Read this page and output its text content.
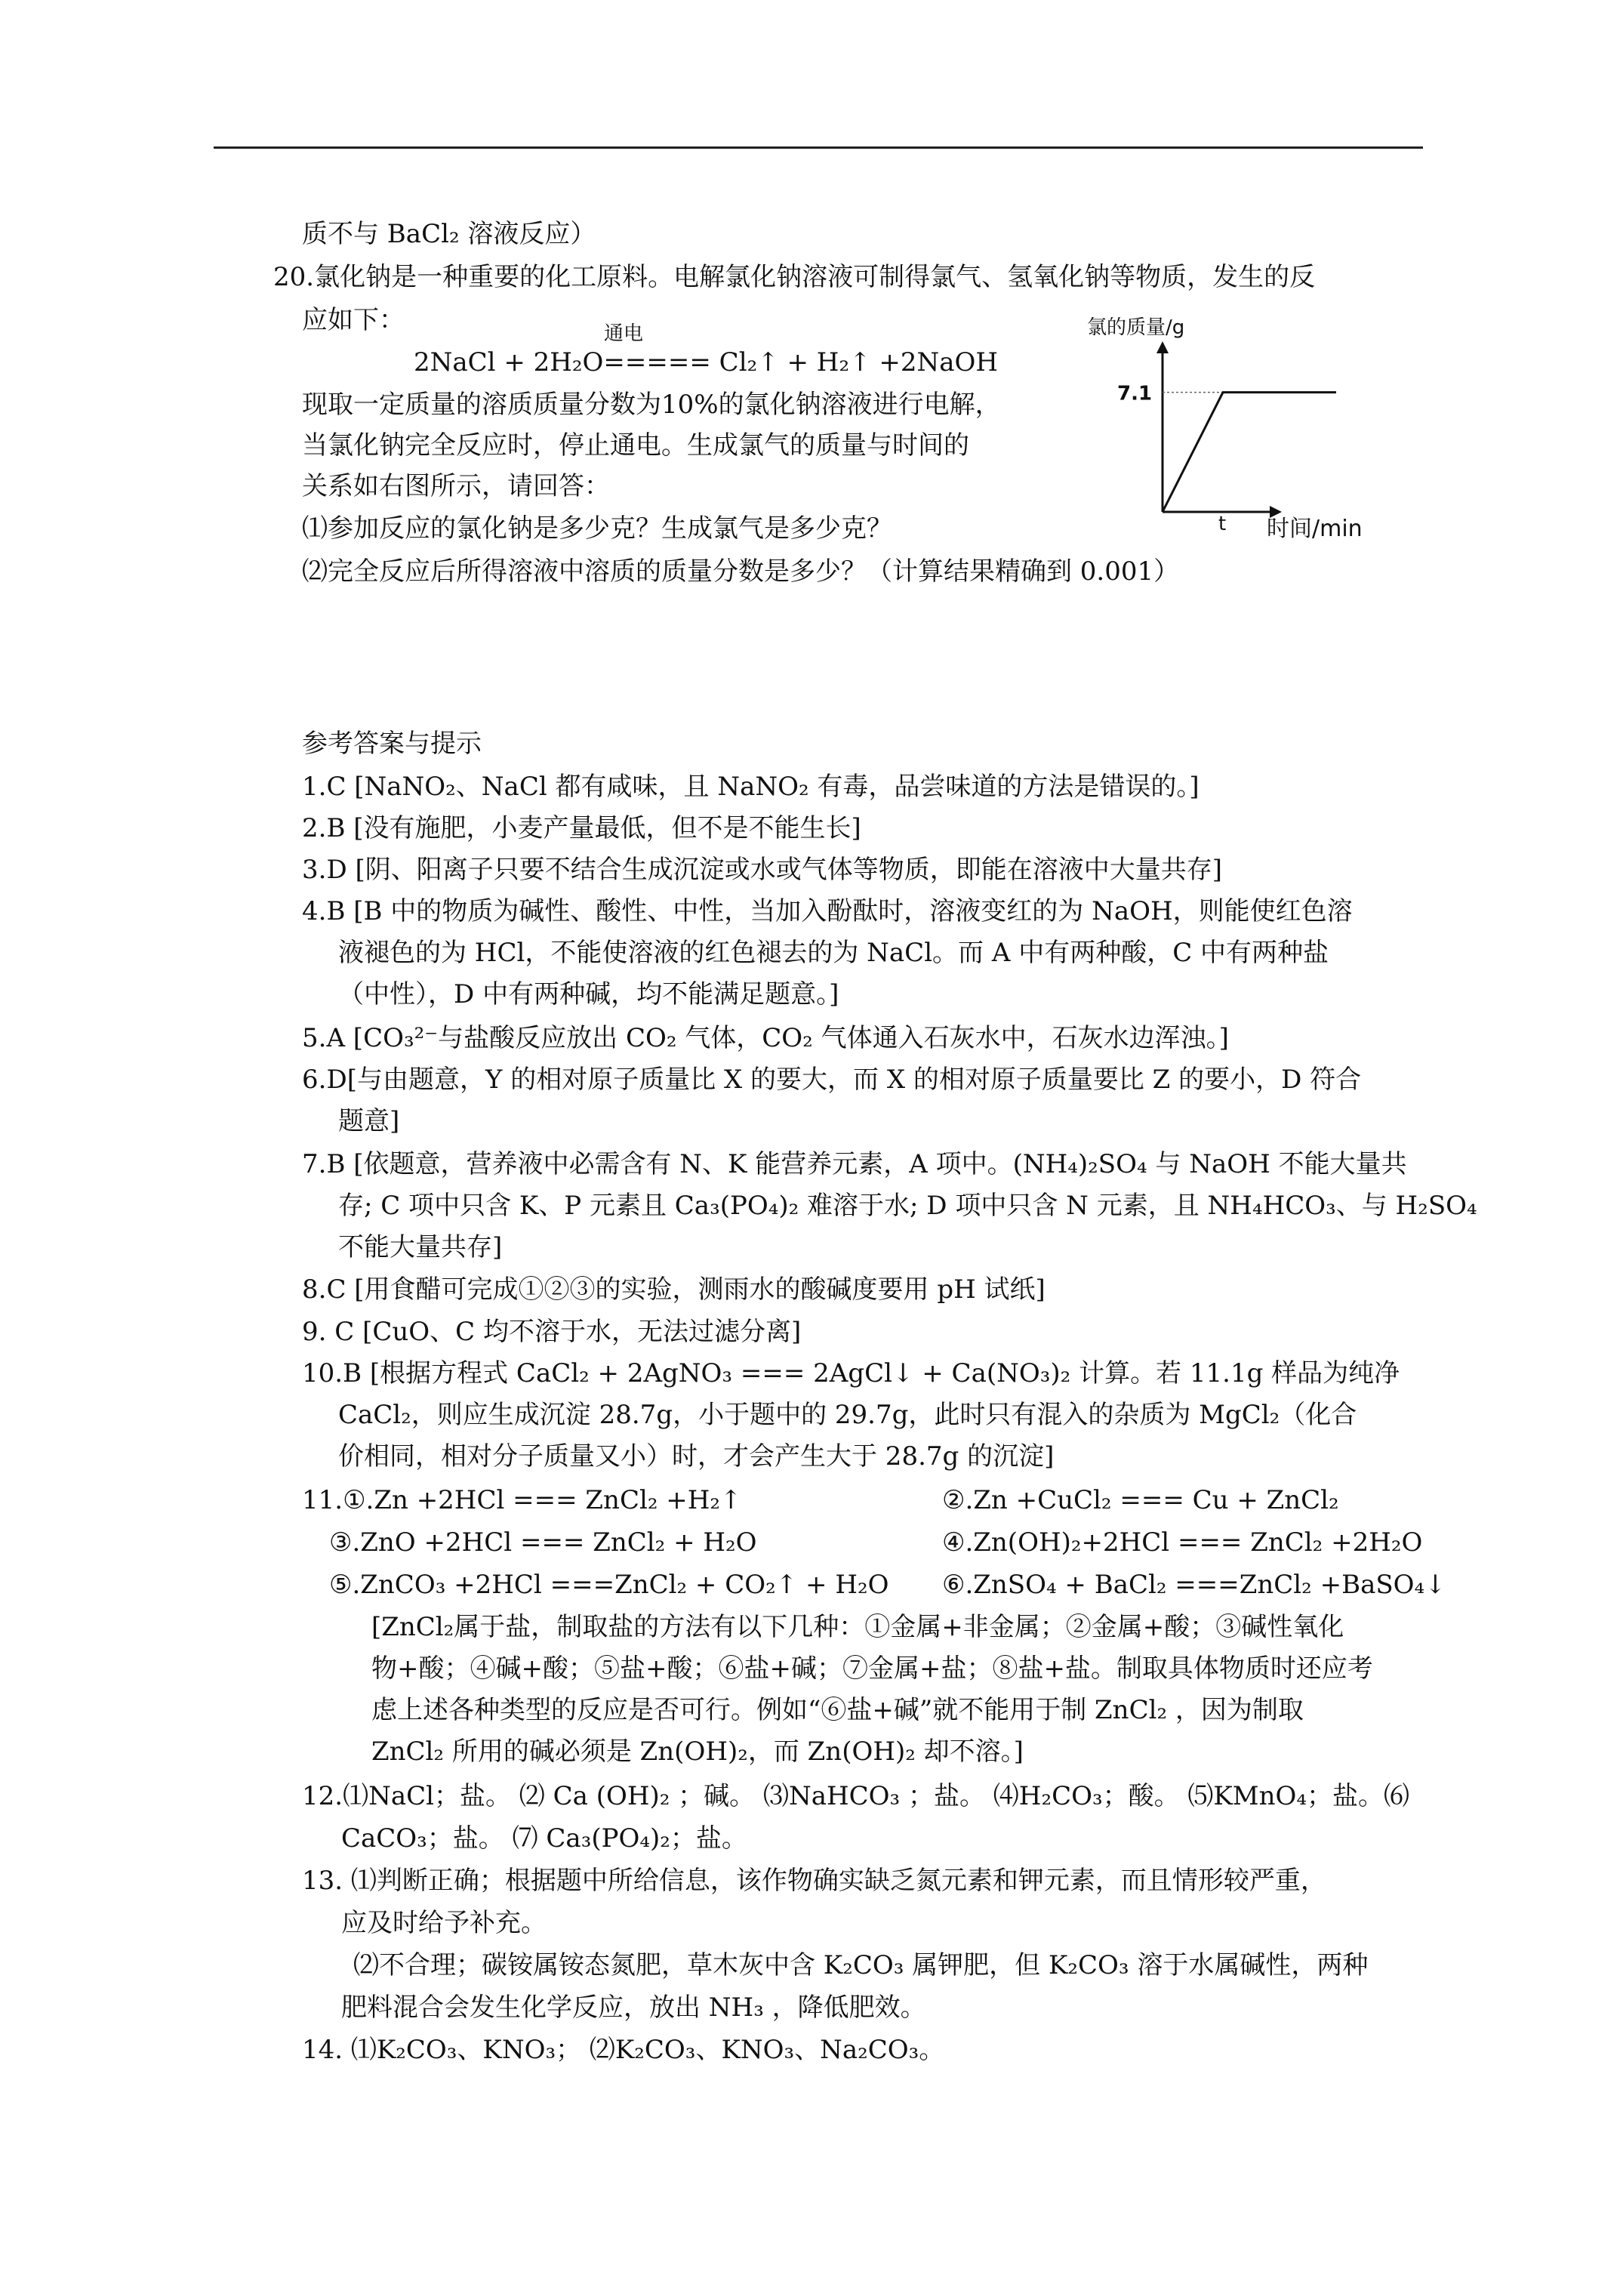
质不与 BaCl₂ 溶液反应）
20.氯化钠是一种重要的化工原料。电解氯化钠溶液可制得氯气、氢氧化钠等物质，发生的反
应如下：	通电
2NaCl + 2H₂O===== Cl₂↑ + H₂↑ +2NaOH
现取一定质量的溶质质量分数为10%的氯化钠溶液进行电解，
当氯化钠完全反应时，停止通电。生成氯气的质量与时间的
关系如右图所示，请回答：
⑴参加反应的氯化钠是多少克？生成氯气是多少克？
⑵完全反应后所得溶液中溶质的质量分数是多少？（计算结果精确到 0.001）
氯的质量/g
7.1
t 时间/min
参考答案与提示
1.C [NaNO₂、NaCl 都有咸味，且 NaNO₂ 有毒，品尝味道的方法是错误的。]
2.B [没有施肥，小麦产量最低，但不是不能生长]
3.D [阴、阳离子只要不结合生成沉淀或水或气体等物质，即能在溶液中大量共存]
4.B [B 中的物质为碱性、酸性、中性，当加入酚酞时，溶液变红的为 NaOH，则能使红色溶
液褪色的为 HCl，不能使溶液的红色褪去的为 NaCl。而 A 中有两种酸，C 中有两种盐
（中性），D 中有两种碱，均不能满足题意。]
5.A [CO₃²⁻与盐酸反应放出 CO₂ 气体，CO₂ 气体通入石灰水中，石灰水边浑浊。]
6.D[与由题意，Y 的相对原子质量比 X 的要大，而 X 的相对原子质量要比 Z 的要小，D 符合
题意]
7.B [依题意，营养液中必需含有 N、K 能营养元素，A 项中。(NH₄)₂SO₄ 与 NaOH 不能大量共
存; C 项中只含 K、P 元素且 Ca₃(PO₄)₂ 难溶于水; D 项中只含 N 元素，且 NH₄HCO₃、与 H₂SO₄
不能大量共存]
8.C [用食醋可完成①②③的实验，测雨水的酸碱度要用 pH 试纸]
9. C [CuO、C 均不溶于水，无法过滤分离]
10.B [根据方程式 CaCl₂ + 2AgNO₃ === 2AgCl↓ + Ca(NO₃)₂ 计算。若 11.1g 样品为纯净
CaCl₂，则应生成沉淀 28.7g，小于题中的 29.7g，此时只有混入的杂质为 MgCl₂（化合
价相同，相对分子质量又小）时，才会产生大于 28.7g 的沉淀]
11.①.Zn +2HCl === ZnCl₂ +H₂↑	②.Zn +CuCl₂ === Cu + ZnCl₂
③.ZnO +2HCl === ZnCl₂ + H₂O	④.Zn(OH)₂+2HCl === ZnCl₂ +2H₂O
⑤.ZnCO₃ +2HCl ===ZnCl₂ + CO₂↑ + H₂O ⑥.ZnSO₄ + BaCl₂ ===ZnCl₂ +BaSO₄↓
[ZnCl₂属于盐，制取盐的方法有以下几种：①金属+非金属；②金属+酸；③碱性氧化
物+酸；④碱+酸；⑤盐+酸；⑥盐+碱；⑦金属+盐；⑧盐+盐。制取具体物质时还应考
虑上述各种类型的反应是否可行。例如“⑥盐+碱”就不能用于制 ZnCl₂ ，因为制取
ZnCl₂ 所用的碱必须是 Zn(OH)₂，而 Zn(OH)₂ 却不溶。]
12.⑴NaCl；盐。 ⑵ Ca (OH)₂ ；碱。 ⑶NaHCO₃ ；盐。 ⑷H₂CO₃；酸。 ⑸KMnO₄；盐。⑹
CaCO₃；盐。 ⑺ Ca₃(PO₄)₂；盐。
13. ⑴判断正确；根据题中所给信息，该作物确实缺乏氮元素和钾元素，而且情形较严重，
应及时给予补充。
⑵不合理；碳铵属铵态氮肥，草木灰中含 K₂CO₃ 属钾肥，但 K₂CO₃ 溶于水属碱性，两种
肥料混合会发生化学反应，放出 NH₃ ，降低肥效。
14. ⑴K₂CO₃、KNO₃； ⑵K₂CO₃、KNO₃、Na₂CO₃。
